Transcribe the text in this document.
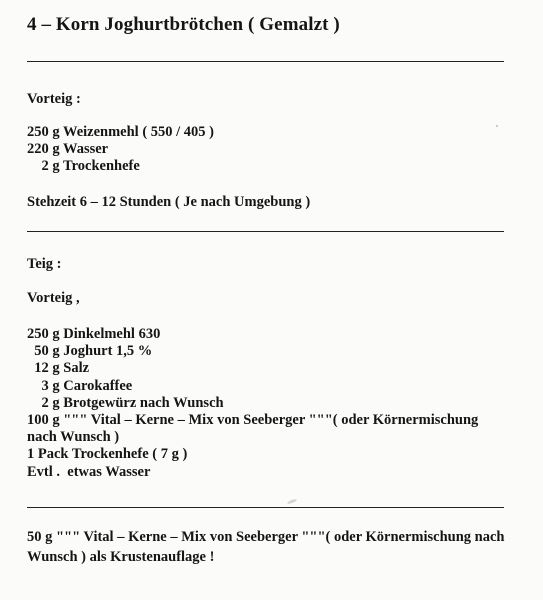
4 – Korn Joghurtbrötchen ( Gemalzt )
Vorteig :
250 g Weizenmehl ( 550 / 405 )
220 g Wasser
2 g Trockenhefe
Stehzeit 6 – 12 Stunden ( Je nach Umgebung )
Teig :
Vorteig ,
250 g Dinkelmehl 630
50 g Joghurt 1,5 %
12 g Salz
3 g Carokaffee
2 g Brotgewürz nach Wunsch
100 g """ Vital – Kerne – Mix von Seeberger """( oder Körnermischung nach Wunsch )
1 Pack Trockenhefe ( 7 g )
Evtl .  etwas Wasser
50 g """ Vital – Kerne – Mix von Seeberger """( oder Körnermischung nach Wunsch ) als Krustenauflage !
